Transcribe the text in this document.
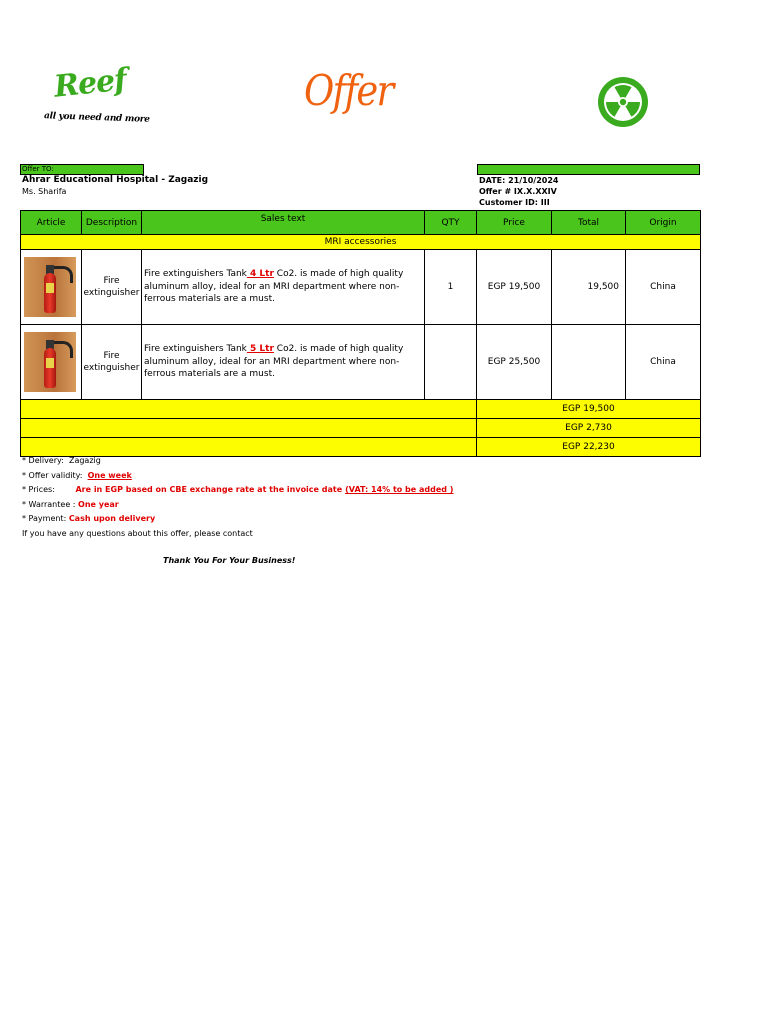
Reef
all you need and more
Offer
Offer TO:
Ahrar Educational Hospital - Zagazig
Ms. Sharifa
DATE: 21/10/2024
Offer # IX.X.XXIV
Customer ID: III
Article	Description	Sales text	QTY	Price	Total	Origin
MRI accessories						

	Fire extinguisher	Fire extinguishers Tank 4 Ltr Co2. is made of high quality aluminum alloy, ideal for an MRI department where non-ferrous materials are a must.	1	EGP 19,500	19,500	China

	Fire extinguisher	Fire extinguishers Tank 5 Ltr Co2. is made of high quality aluminum alloy, ideal for an MRI department where non-ferrous materials are a must.		EGP 25,500		China
				EGP 19,500		
				EGP 2,730		
				EGP 22,230		
* Delivery: Zagazig
* Offer validity: One week
* Prices:	Are in EGP based on CBE exchange rate at the invoice date (VAT: 14% to be added )
* Warrantee : One year
* Payment: Cash upon delivery
If you have any questions about this offer, please contact
Thank You For Your Business!
